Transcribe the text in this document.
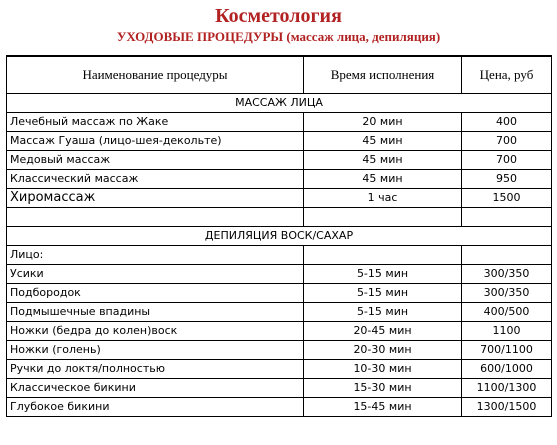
Косметология
УХОДОВЫЕ ПРОЦЕДУРЫ (массаж лица, депиляция)
Наименование процедуры	Время исполнения	Цена, руб
МАССАЖ ЛИЦА		
Лечебный массаж по Жаке	20 мин	400
Массаж Гуаша (лицо-шея-декольте)	45 мин	700
Медовый массаж	45 мин	700
Классический массаж	45 мин	950
Хиромассаж	1 час	1500

ДЕПИЛЯЦИЯ ВОСК/САХАР		
Лицо:		
Усики	5-15 мин	300/350
Подбородок	5-15 мин	300/350
Подмышечные впадины	5-15 мин	400/500
Ножки (бедра до колен)воск	20-45 мин	1100
Ножки (голень)	20-30 мин	700/1100
Ручки до локтя/полностью	10-30 мин	600/1000
Классическое бикини	15-30 мин	1100/1300
Глубокое бикини	15-45 мин	1300/1500
